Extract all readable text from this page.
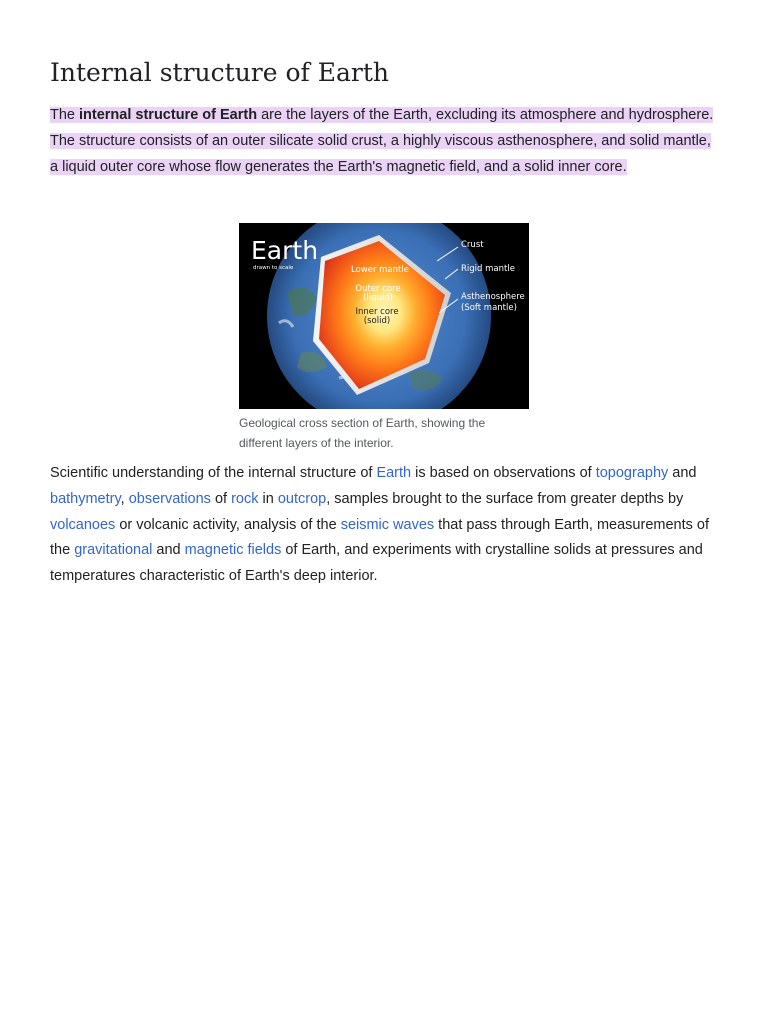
Internal structure of Earth

The internal structure of Earth are the layers of the Earth, excluding its atmosphere and hydrosphere. The structure consists of an outer silicate solid crust, a highly viscous asthenosphere, and solid mantle, a liquid outer core whose flow generates the Earth's magnetic field, and a solid inner core.

Earth
drawn to scale	Lower mantle
Outer core
(liquid)
Inner core
(solid)
Crust
Rigid mantle
Asthenosphere
(Soft mantle)
Geological cross section of Earth, showing the different layers of the interior.

Scientific understanding of the internal structure of Earth is based on observations of topography and bathymetry, observations of rock in outcrop, samples brought to the surface from greater depths by volcanoes or volcanic activity, analysis of the seismic waves that pass through Earth, measurements of the gravitational and magnetic fields of Earth, and experiments with crystalline solids at pressures and temperatures characteristic of Earth's deep interior.
